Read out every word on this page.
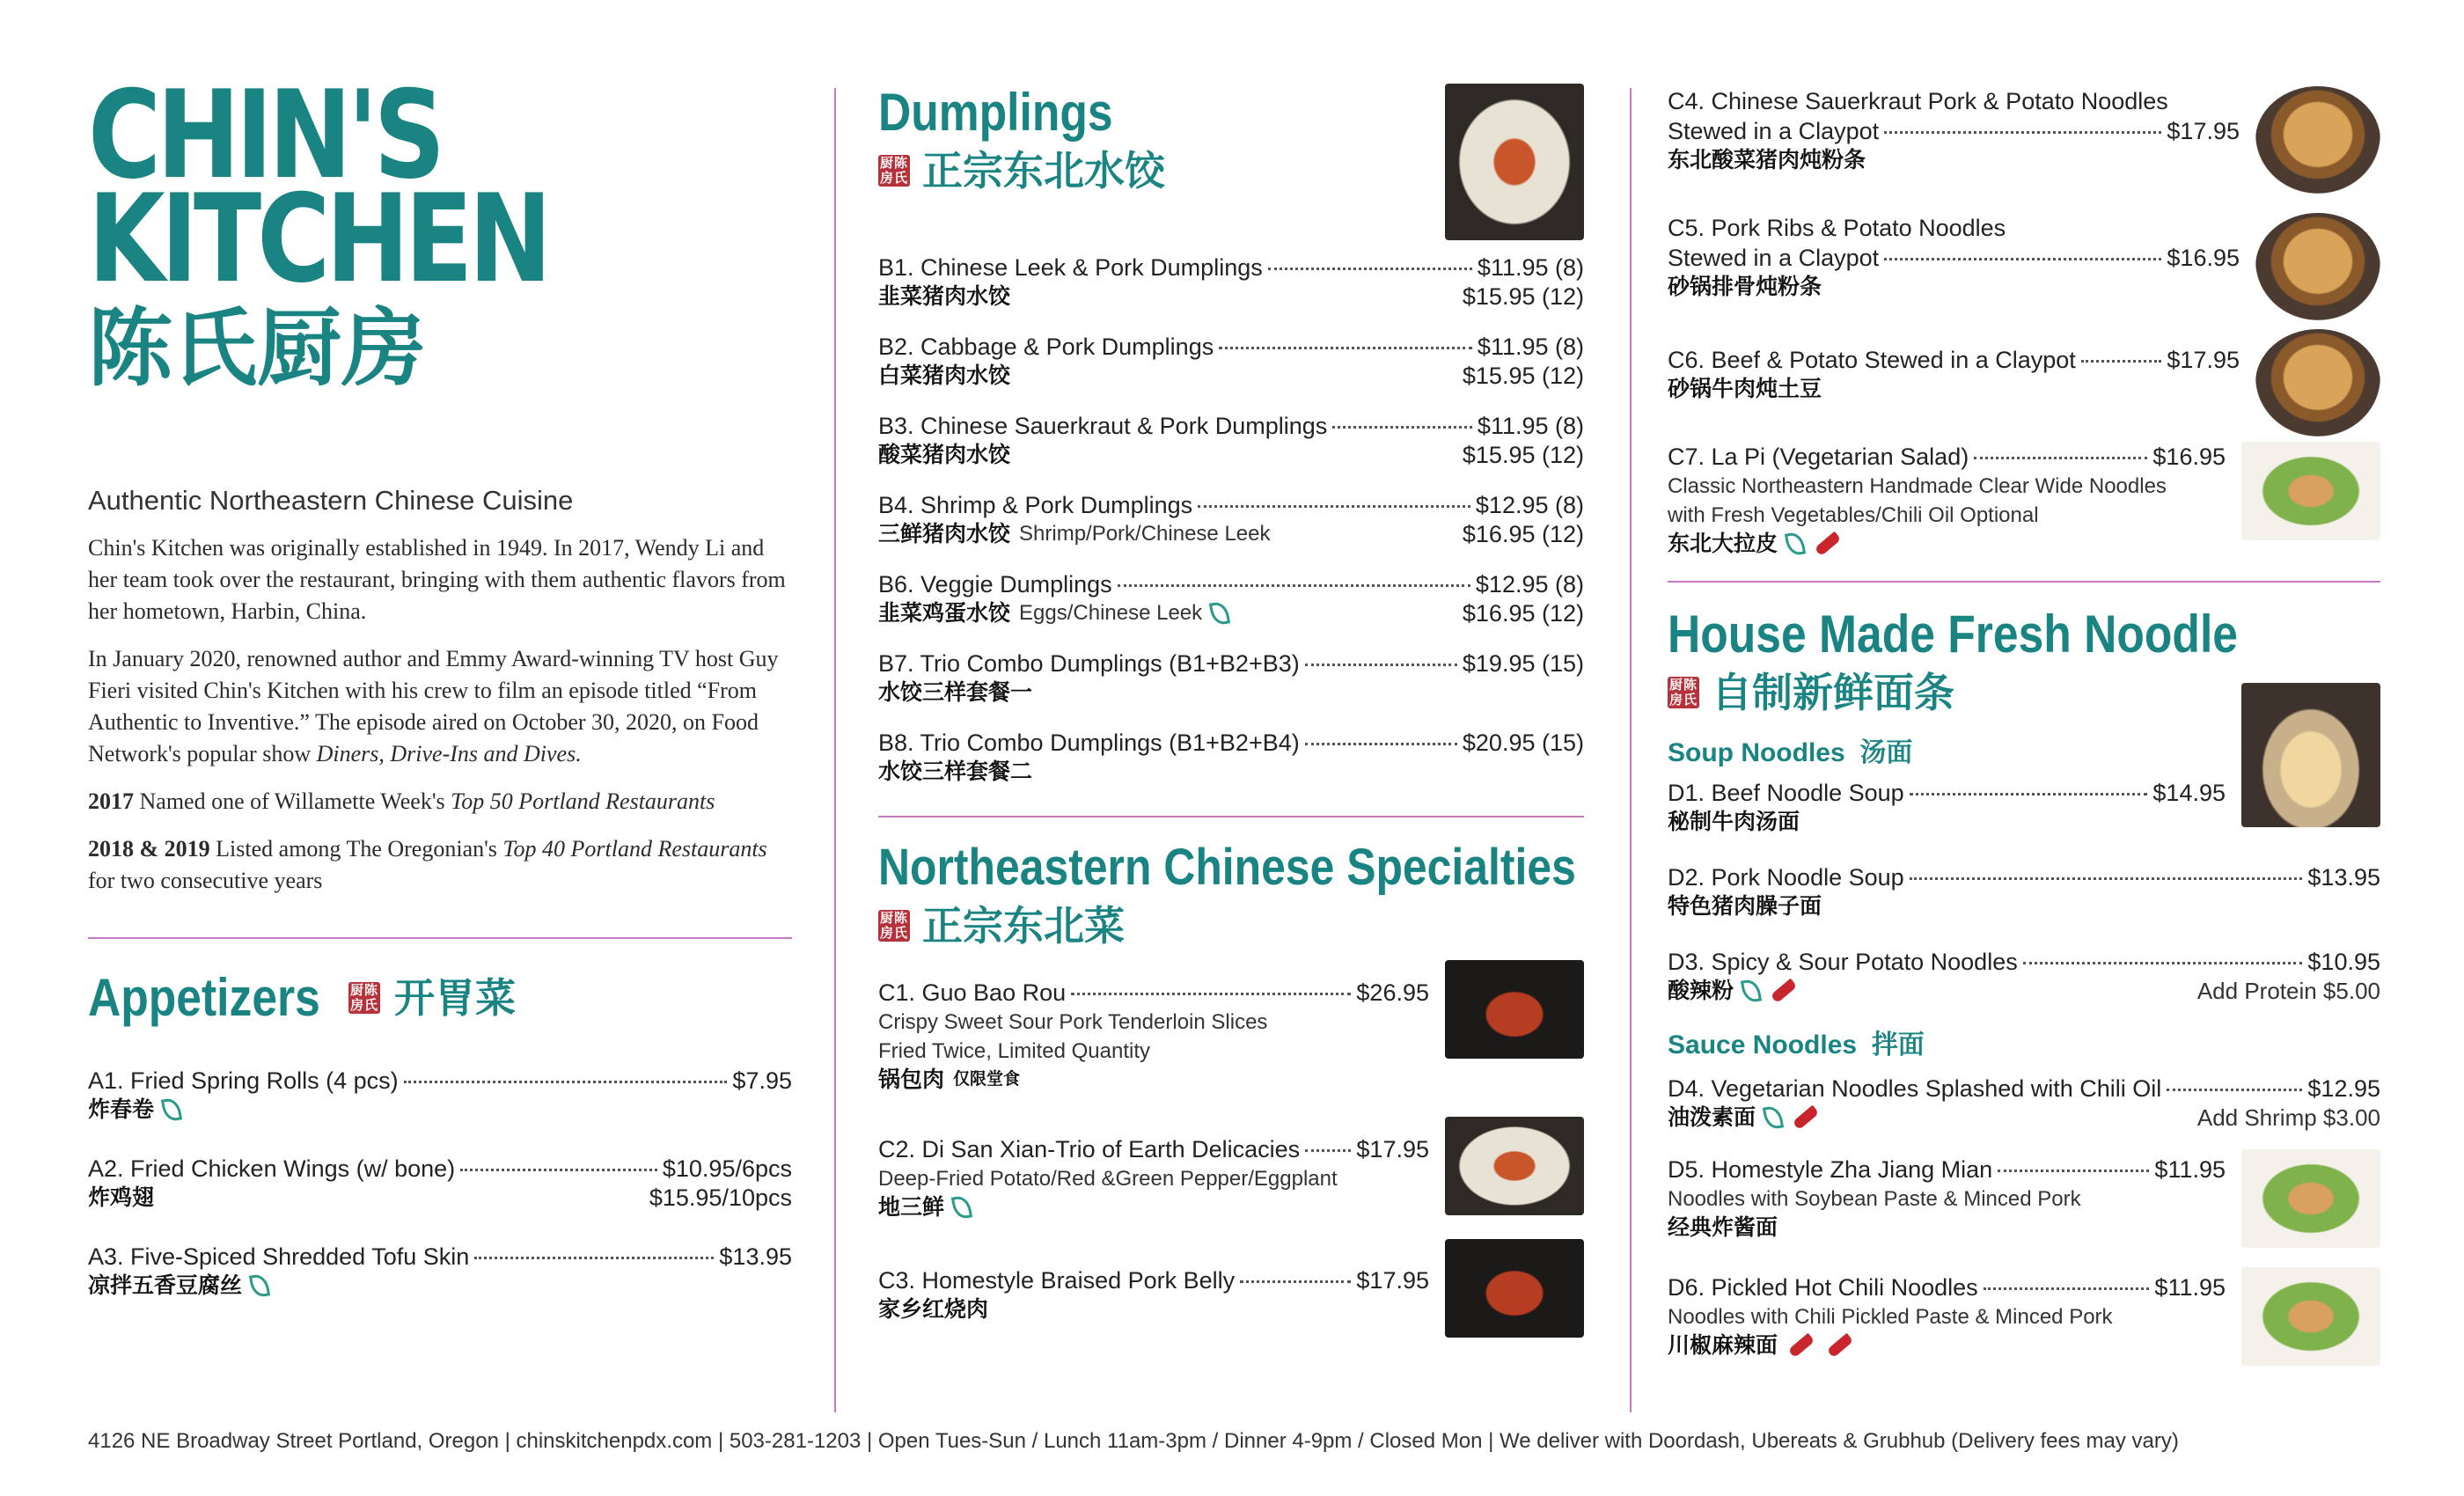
CHIN'S KITCHEN
陈氏厨房
Authentic Northeastern Chinese Cuisine

Chin's Kitchen was originally established in 1949. In 2017, Wendy Li and her team took over the restaurant, bringing with them authentic flavors from her hometown, Harbin, China.

In January 2020, renowned author and Emmy Award-winning TV host Guy Fieri visited Chin's Kitchen with his crew to film an episode titled “From Authentic to Inventive.” The episode aired on October 30, 2020, on Food Network's popular show Diners, Drive-Ins and Dives.

2017 Named one of Willamette Week's Top 50 Portland Restaurants

2018 & 2019 Listed among The Oregonian's Top 40 Portland Restaurants for two consecutive years

Appetizers 厨陈房氏 开胃菜
A1. Fried Spring Rolls (4 pcs)	$7.95
炸春卷
A2. Fried Chicken Wings (w/ bone)	$10.95/6pcs
炸鸡翅	$15.95/10pcs
A3. Five-Spiced Shredded Tofu Skin	$13.95
凉拌五香豆腐丝
Dumplings
厨陈房氏 正宗东北水饺
B1. Chinese Leek & Pork Dumplings	$11.95 (8)
韭菜猪肉水饺	$15.95 (12)
B2. Cabbage & Pork Dumplings	$11.95 (8)
白菜猪肉水饺	$15.95 (12)
B3. Chinese Sauerkraut & Pork Dumplings	$11.95 (8)
酸菜猪肉水饺	$15.95 (12)
B4. Shrimp & Pork Dumplings	$12.95 (8)
三鲜猪肉水饺 Shrimp/Pork/Chinese Leek	$16.95 (12)
B6. Veggie Dumplings	$12.95 (8)
韭菜鸡蛋水饺 Eggs/Chinese Leek	$16.95 (12)
B7. Trio Combo Dumplings (B1+B2+B3)	$19.95 (15)
水饺三样套餐一
B8. Trio Combo Dumplings (B1+B2+B4)	$20.95 (15)
水饺三样套餐二
Northeastern Chinese Specialties
厨陈房氏 正宗东北菜
C1. Guo Bao Rou	$26.95
Crispy Sweet Sour Pork Tenderloin Slices
Fried Twice, Limited Quantity
锅包肉 仅限堂食
C2. Di San Xian-Trio of Earth Delicacies $17.95
Deep-Fried Potato/Red &Green Pepper/Eggplant
地三鲜
C3. Homestyle Braised Pork Belly	$17.95
家乡红烧肉
C4. Chinese Sauerkraut Pork & Potato Noodles
Stewed in a Claypot	$17.95
东北酸菜猪肉炖粉条
C5. Pork Ribs & Potato Noodles
Stewed in a Claypot	$16.95
砂锅排骨炖粉条
C6. Beef & Potato Stewed in a Claypot	$17.95
砂锅牛肉炖土豆
C7. La Pi (Vegetarian Salad)	$16.95
Classic Northeastern Handmade Clear Wide Noodles
with Fresh Vegetables/Chili Oil Optional
东北大拉皮
House Made Fresh Noodle
厨陈房氏 自制新鲜面条
Soup Noodles 汤面
D1. Beef Noodle Soup	$14.95
秘制牛肉汤面
D2. Pork Noodle Soup	$13.95
特色猪肉臊子面
D3. Spicy & Sour Potato Noodles	$10.95
酸辣粉	Add Protein $5.00
Sauce Noodles 拌面
D4. Vegetarian Noodles Splashed with Chili Oil	$12.95
油泼素面	Add Shrimp $3.00
D5. Homestyle Zha Jiang Mian	$11.95
Noodles with Soybean Paste & Minced Pork
经典炸酱面
D6. Pickled Hot Chili Noodles	$11.95
Noodles with Chili Pickled Paste & Minced Pork
川椒麻辣面
4126 NE Broadway Street Portland, Oregon | chinskitchenpdx.com | 503-281-1203 | Open Tues-Sun / Lunch 11am-3pm / Dinner 4-9pm / Closed Mon | We deliver with Doordash, Ubereats & Grubhub (Delivery fees may vary)
